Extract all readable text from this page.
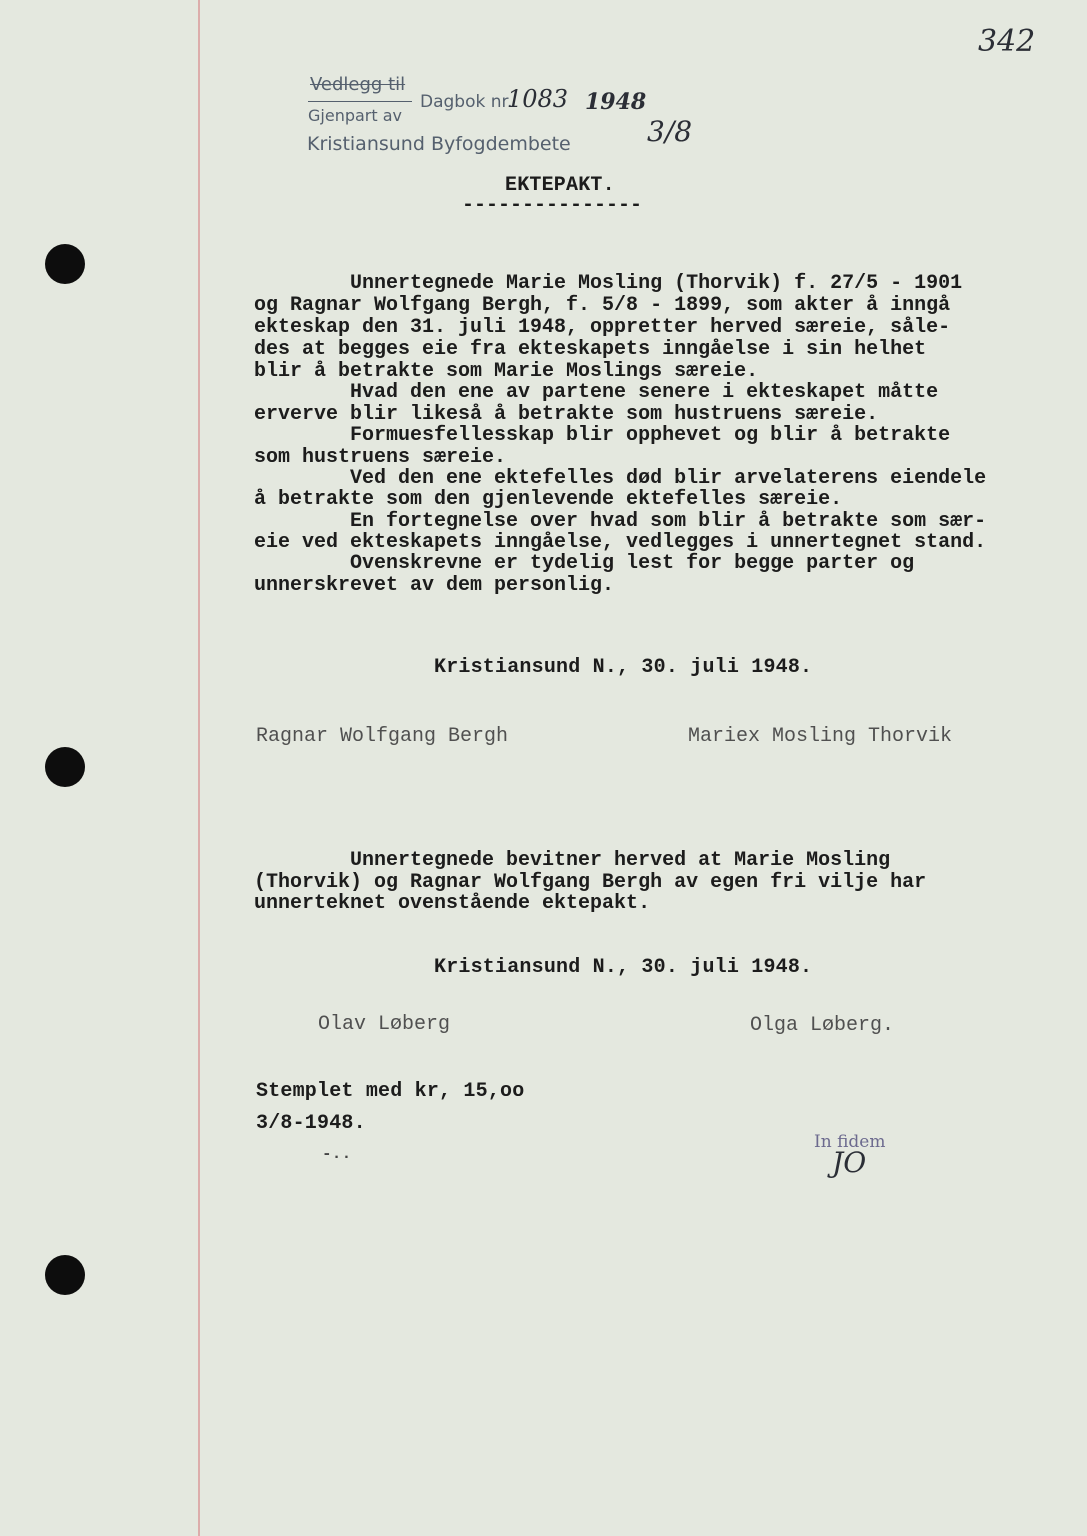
Vedlegg til
Gjenpart av
Dagbok nr.
1083 1948
3/8
Kristiansund Byfogdembete
342
EKTEPAKT.
---------------
Unnertegnede Marie Mosling (Thorvik) f. 27/5 - 1901
og Ragnar Wolfgang Bergh, f. 5/8 - 1899, som akter å inngå
ekteskap den 31. juli 1948, oppretter herved særeie, såle-
des at begges eie fra ekteskapets inngåelse i sin helhet
blir å betrakte som Marie Moslings særeie.
Hvad den ene av partene senere i ekteskapet måtte
erverve blir likeså å betrakte som hustruens særeie.
Formuesfellesskap blir opphevet og blir å betrakte
som hustruens særeie.
Ved den ene ektefelles død blir arvelaterens eiendele
å betrakte som den gjenlevende ektefelles særeie.
En fortegnelse over hvad som blir å betrakte som sær-
eie ved ekteskapets inngåelse, vedlegges i unnertegnet stand.
Ovenskrevne er tydelig lest for begge parter og
unnerskrevet av dem personlig.
Kristiansund N., 30. juli 1948.
Ragnar Wolfgang Bergh	Mariex Mosling Thorvik
Unnertegnede bevitner herved at Marie Mosling
(Thorvik) og Ragnar Wolfgang Bergh av egen fri vilje har
unnerteknet ovenstående ektepakt.
Kristiansund N., 30. juli 1948.
Olav Løberg	Olga Løberg.
Stemplet med kr, 15,oo
3/8-1948.
-..
In fidem
JO
